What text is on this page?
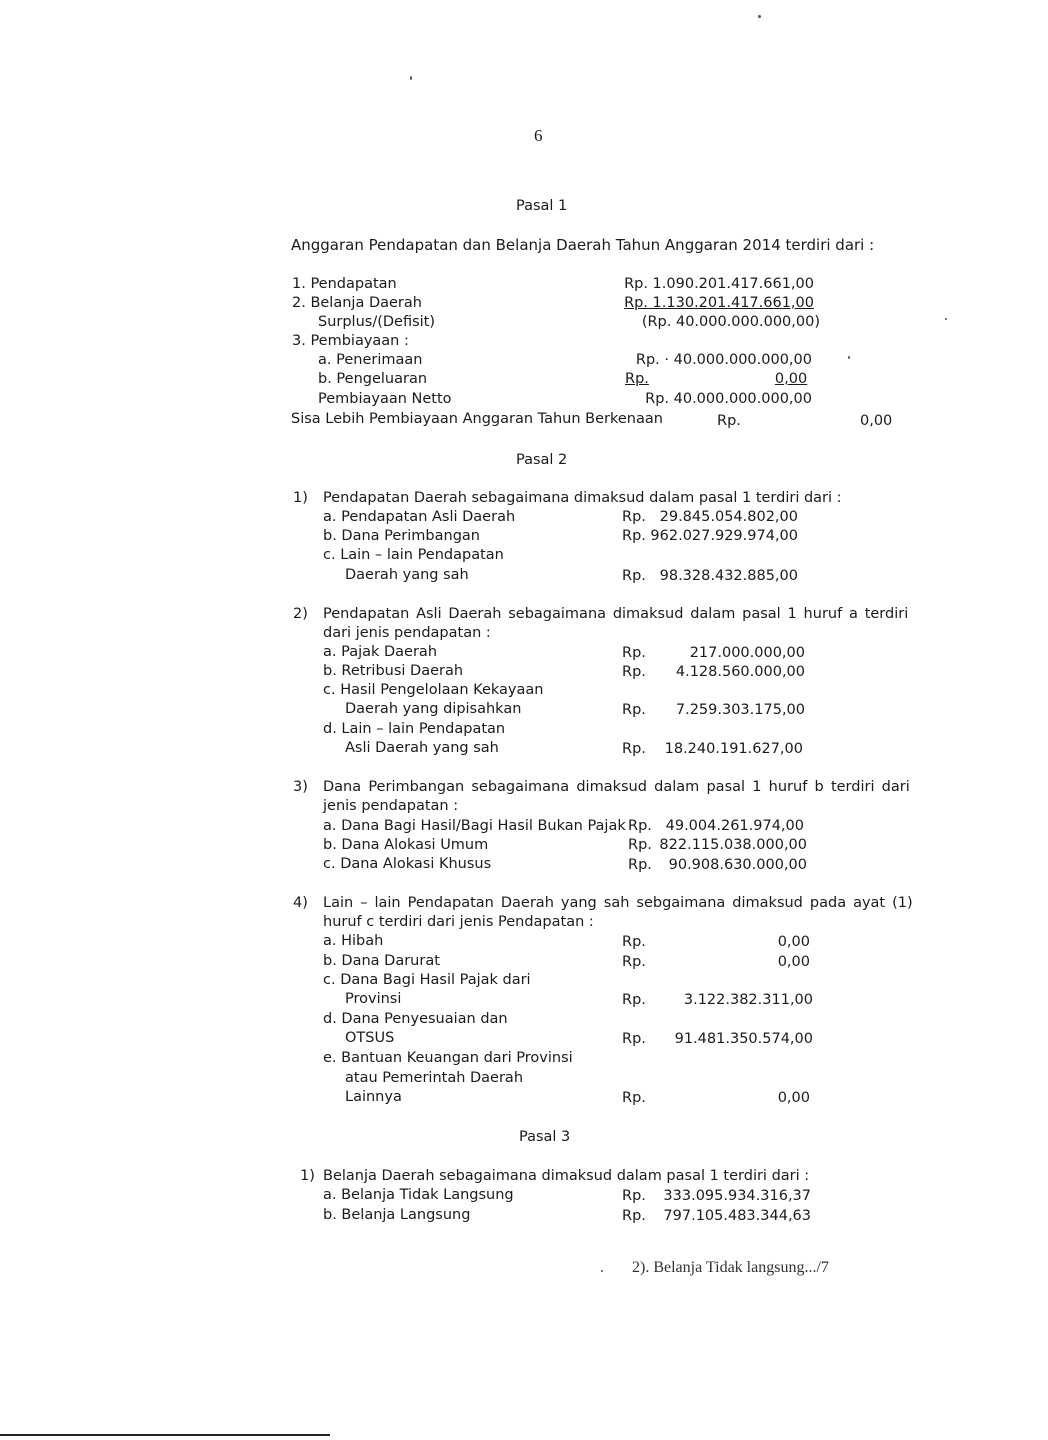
6
Pasal 1
Anggaran Pendapatan dan Belanja Daerah Tahun Anggaran 2014 terdiri dari :
1. Pendapatan	Rp. 1.090.201.417.661,00
2. Belanja Daerah	Rp. 1.130.201.417.661,00
Surplus/(Defisit)	(Rp. 40.000.000.000,00)
3. Pembiayaan :
a. Penerimaan	Rp. · 40.000.000.000,00
b. Pengeluaran	Rp.	0,00
Pembiayaan Netto	Rp. 40.000.000.000,00
Sisa Lebih Pembiayaan Anggaran Tahun Berkenaan	Rp.	0,00
Pasal 2
1) Pendapatan Daerah sebagaimana dimaksud dalam pasal 1 terdiri dari :
a. Pendapatan Asli Daerah	Rp. 29.845.054.802,00
b. Dana Perimbangan	Rp. 962.027.929.974,00
c. Lain – lain Pendapatan
Daerah yang sah	Rp. 98.328.432.885,00
2) Pendapatan Asli Daerah sebagaimana dimaksud dalam pasal 1 huruf a terdiri
dari jenis pendapatan :
a. Pajak Daerah	Rp.	217.000.000,00
b. Retribusi Daerah	Rp.	4.128.560.000,00
c. Hasil Pengelolaan Kekayaan
Daerah yang dipisahkan	Rp.	7.259.303.175,00
d. Lain – lain Pendapatan
Asli Daerah yang sah	Rp.	18.240.191.627,00
3) Dana Perimbangan sebagaimana dimaksud dalam pasal 1 huruf b terdiri dari
jenis pendapatan :
a. Dana Bagi Hasil/Bagi Hasil Bukan Pajak Rp. 49.004.261.974,00
b. Dana Alokasi Umum	Rp. 822.115.038.000,00
c. Dana Alokasi Khusus	Rp.	90.908.630.000,00
4) Lain – lain Pendapatan Daerah yang sah sebgaimana dimaksud pada ayat (1)
huruf c terdiri dari jenis Pendapatan :
a. Hibah	Rp.	0,00
b. Dana Darurat	Rp.	0,00
c. Dana Bagi Hasil Pajak dari
Provinsi	Rp.	3.122.382.311,00
d. Dana Penyesuaian dan
OTSUS	Rp.	91.481.350.574,00
e. Bantuan Keuangan dari Provinsi
atau Pemerintah Daerah
Lainnya	Rp.	0,00
Pasal 3
1) Belanja Daerah sebagaimana dimaksud dalam pasal 1 terdiri dari :
a. Belanja Tidak Langsung	Rp.	333.095.934.316,37
b. Belanja Langsung	Rp.	797.105.483.344,63
2). Belanja Tidak langsung.../7
